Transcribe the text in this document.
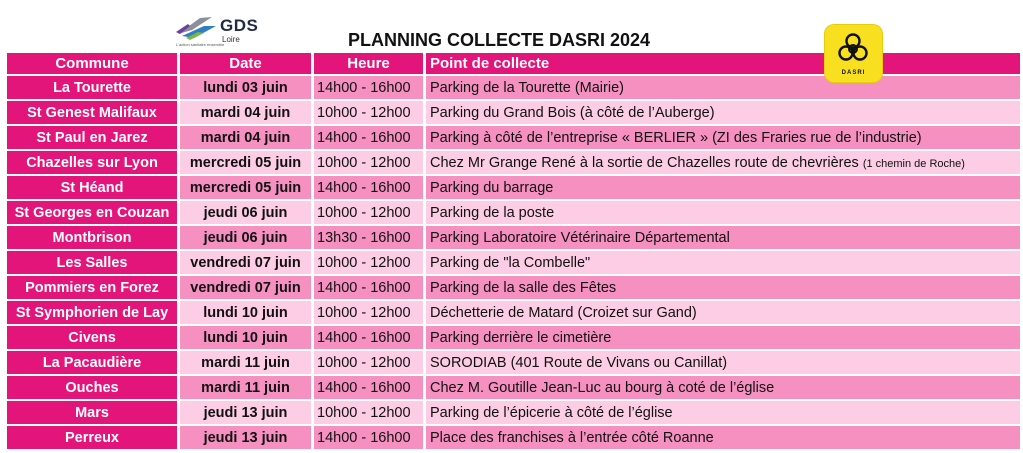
GDS
Loire
L'action sanitaire ensemble	PLANNING COLLECTE DASRI 2024
DASRI
Commune	Date	Heure	Point de collecte
La Tourette	lundi 03 juin	14h00 - 16h00	Parking de la Tourette (Mairie)
St Genest Malifaux	mardi 04 juin	10h00 - 12h00	Parking du Grand Bois (à côté de l’Auberge)
St Paul en Jarez	mardi 04 juin	14h00 - 16h00	Parking à côté de l’entreprise « BERLIER » (ZI des Fraries rue de l’industrie)
Chazelles sur Lyon	mercredi 05 juin	10h00 - 12h00	Chez Mr Grange René à la sortie de Chazelles route de chevrières (1 chemin de Roche)
St Héand	mercredi 05 juin	14h00 - 16h00	Parking du barrage
St Georges en Couzan	jeudi 06 juin	10h00 - 12h00	Parking de la poste
Montbrison	jeudi 06 juin	13h30 - 16h00	Parking Laboratoire Vétérinaire Départemental
Les Salles	vendredi 07 juin	10h00 - 12h00	Parking de "la Combelle"
Pommiers en Forez	vendredi 07 juin	14h00 - 16h00	Parking de la salle des Fêtes
St Symphorien de Lay	lundi 10 juin	10h00 - 12h00	Déchetterie de Matard (Croizet sur Gand)
Civens	lundi 10 juin	14h00 - 16h00	Parking derrière le cimetière
La Pacaudière	mardi 11 juin	10h00 - 12h00	SORODIAB (401 Route de Vivans ou Canillat)
Ouches	mardi 11 juin	14h00 - 16h00	Chez M. Goutille Jean-Luc au bourg à coté de l’église
Mars	jeudi 13 juin	10h00 - 12h00	Parking de l’épicerie à côté de l’église
Perreux	jeudi 13 juin	14h00 - 16h00	Place des franchises à l’entrée côté Roanne
